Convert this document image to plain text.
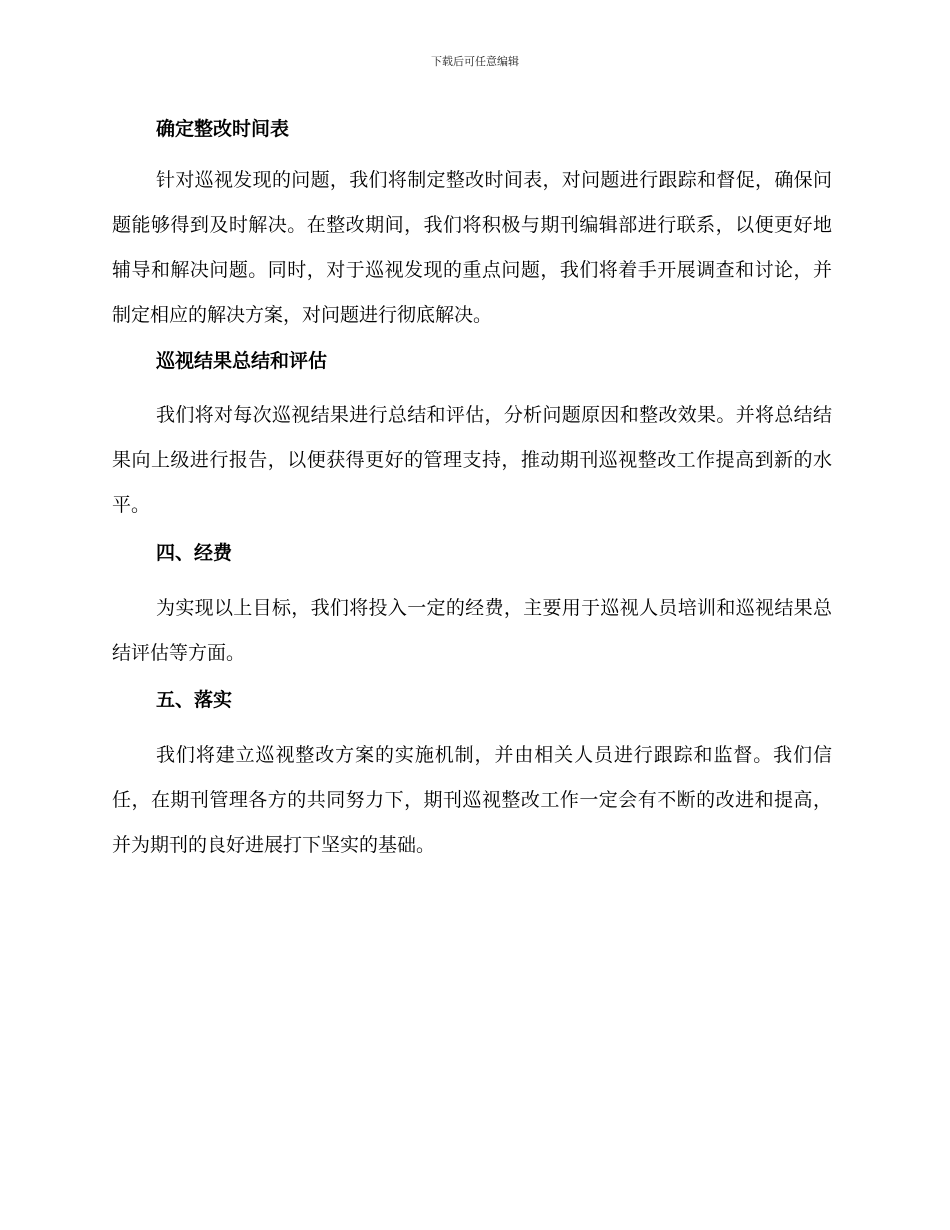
下载后可任意编辑
确定整改时间表

针对巡视发现的问题，我们将制定整改时间表，对问题进行跟踪和督促，确保问题能够得到及时解决。在整改期间，我们将积极与期刊编辑部进行联系，以便更好地辅导和解决问题。同时，对于巡视发现的重点问题，我们将着手开展调查和讨论，并制定相应的解决方案，对问题进行彻底解决。

巡视结果总结和评估

我们将对每次巡视结果进行总结和评估，分析问题原因和整改效果。并将总结结果向上级进行报告，以便获得更好的管理支持，推动期刊巡视整改工作提高到新的水平。

四、经费

为实现以上目标，我们将投入一定的经费，主要用于巡视人员培训和巡视结果总结评估等方面。

五、落实

我们将建立巡视整改方案的实施机制，并由相关人员进行跟踪和监督。我们信任，在期刊管理各方的共同努力下，期刊巡视整改工作一定会有不断的改进和提高，并为期刊的良好进展打下坚实的基础。
